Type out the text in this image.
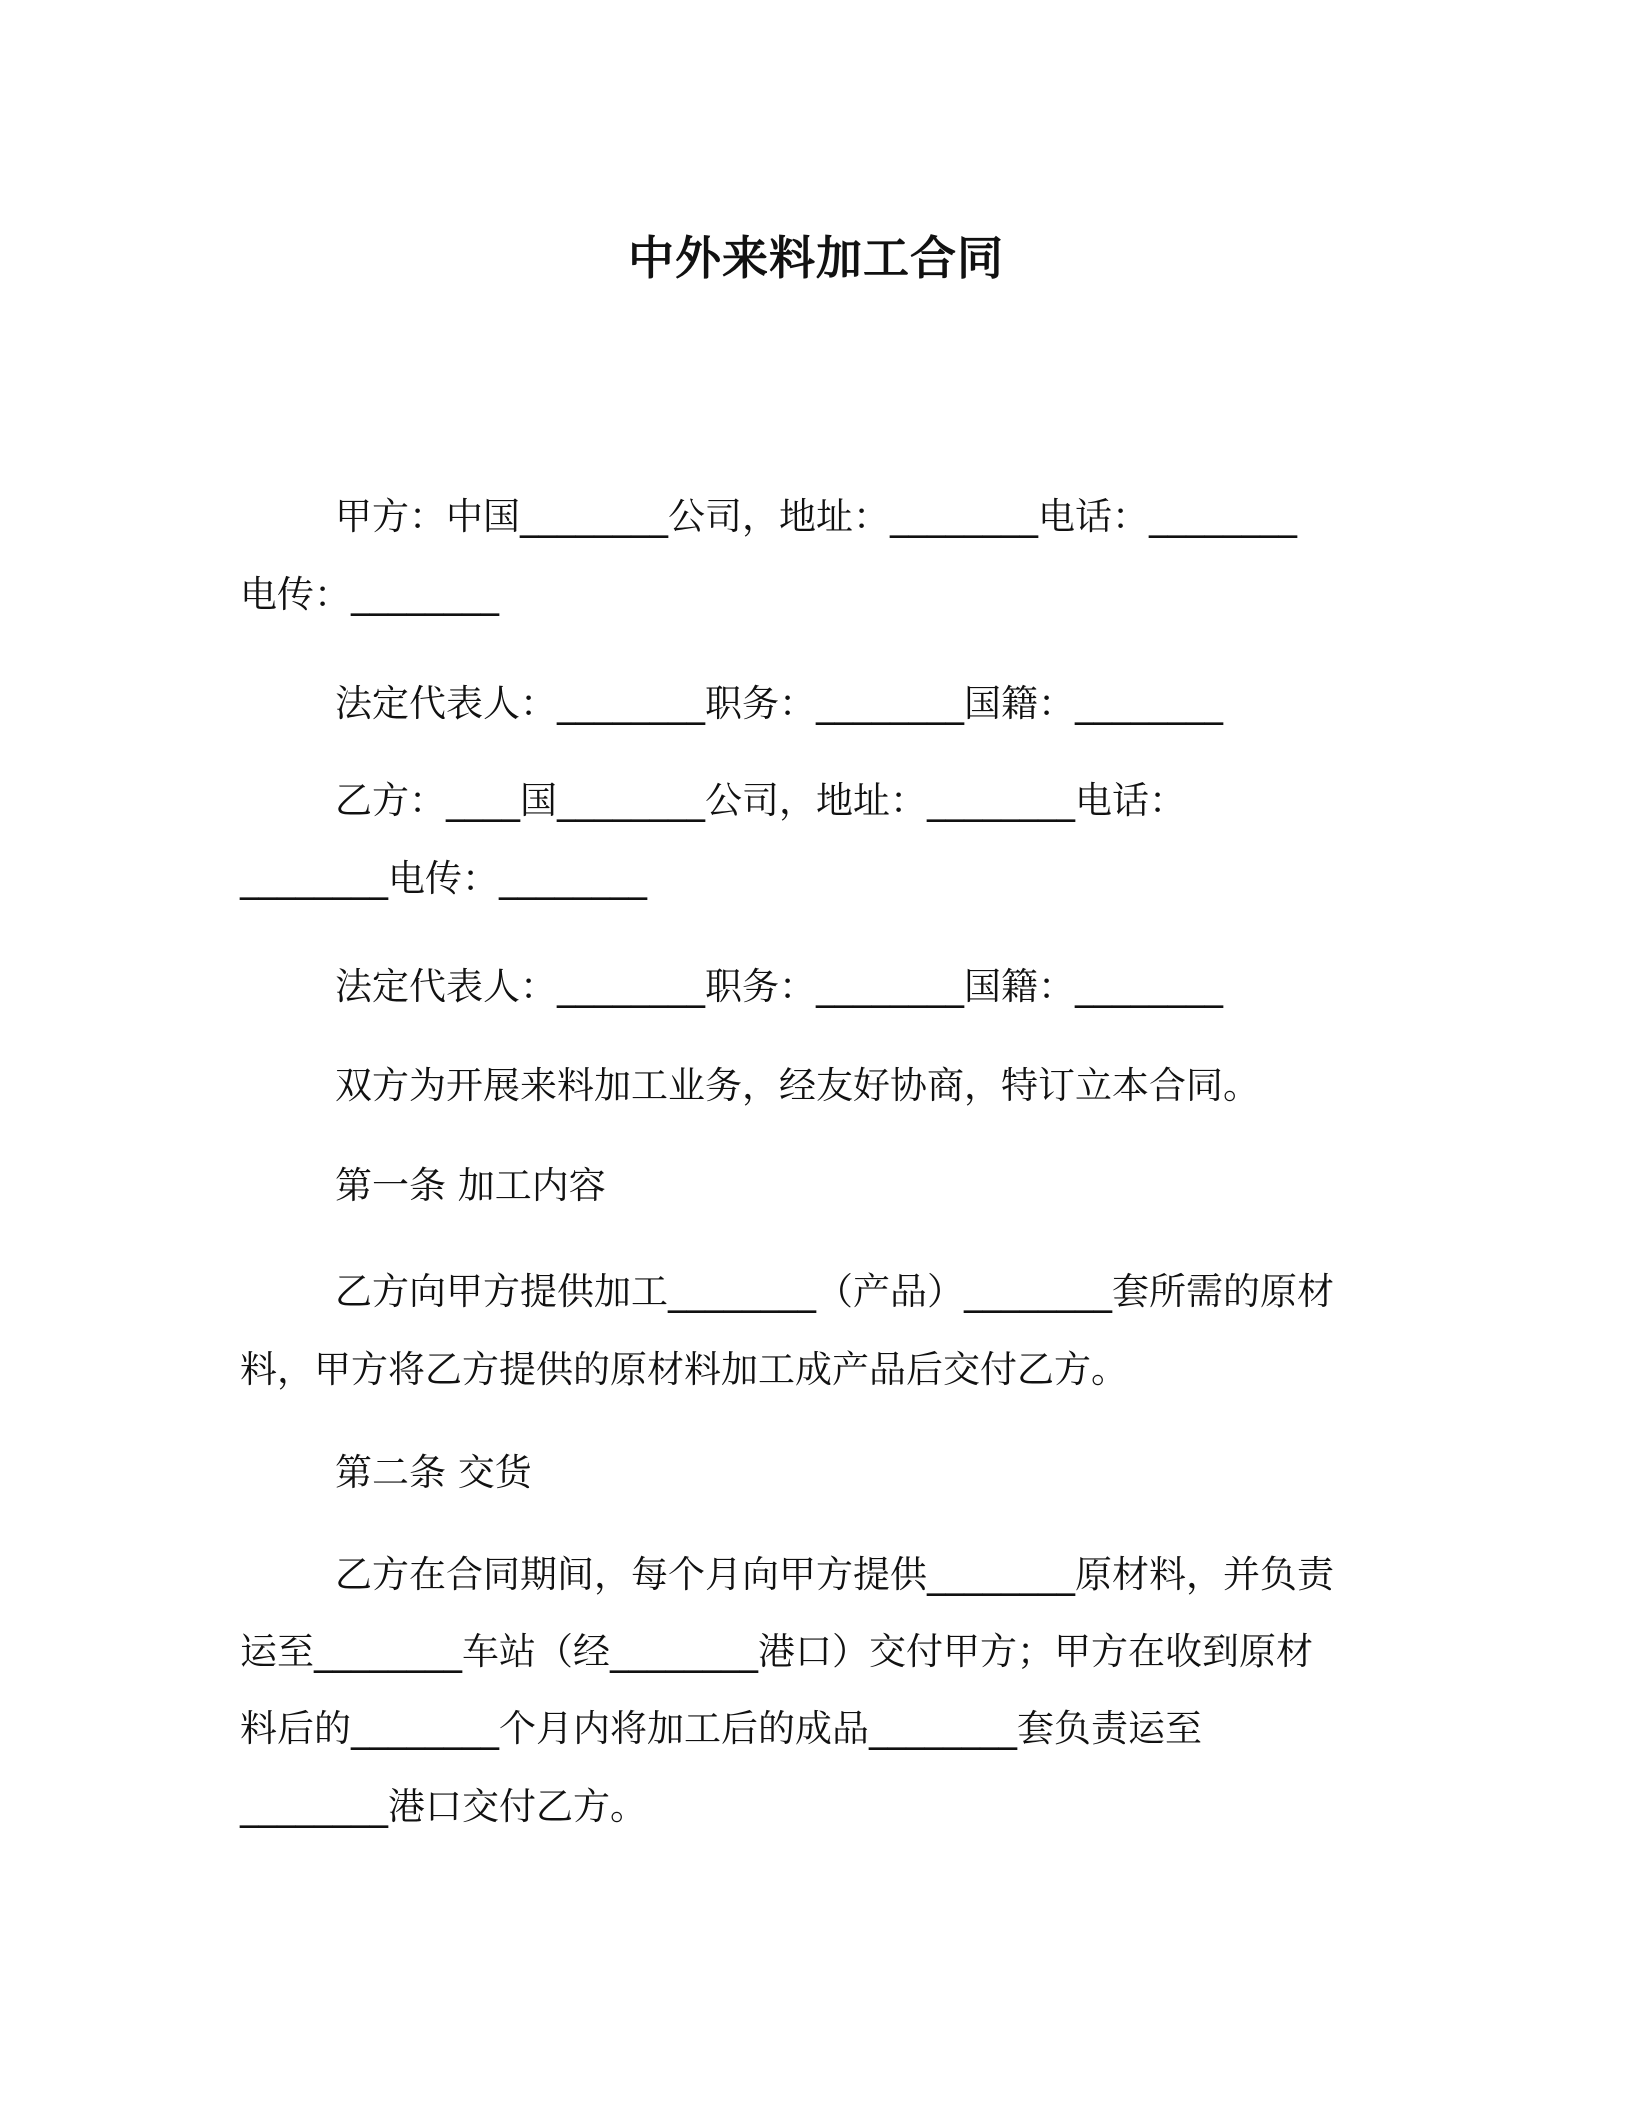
中外来料加工合同
甲方：中国________公司，地址：________电话：________
电传：________
法定代表人：________职务：________国籍：________
乙方：____国________公司，地址：________电话：
________电传：________
法定代表人：________职务：________国籍：________
双方为开展来料加工业务，经友好协商，特订立本合同。
第一条 加工内容
乙方向甲方提供加工________（产品）________套所需的原材
料，甲方将乙方提供的原材料加工成产品后交付乙方。
第二条 交货
乙方在合同期间，每个月向甲方提供________原材料，并负责
运至________车站（经________港口）交付甲方；甲方在收到原材
料后的________个月内将加工后的成品________套负责运至
________港口交付乙方。
